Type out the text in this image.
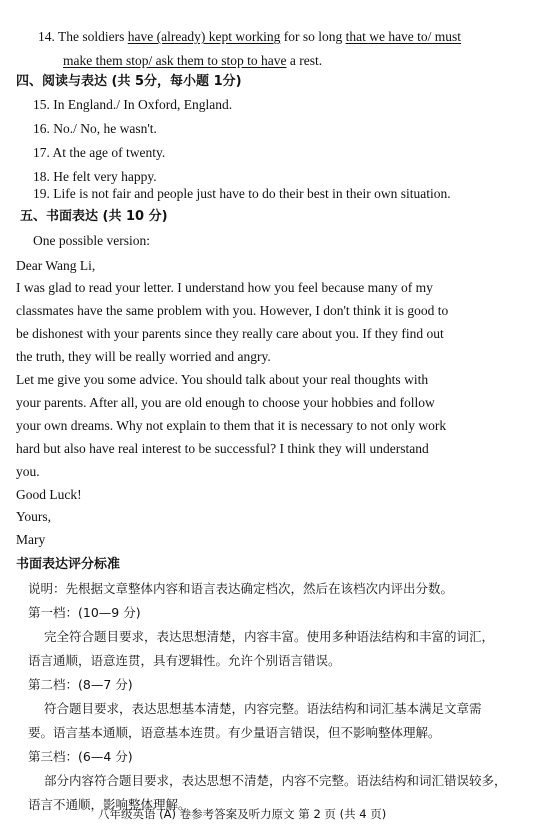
14. The soldiers have (already) kept working for so long that we have to/ must
make them stop/ ask them to stop to have a rest.
四、阅读与表达 (共 5分，每小题 1分)
15. In England./ In Oxford, England.
16. No./ No, he wasn't.
17. At the age of twenty.
18. He felt very happy.
19. Life is not fair and people just have to do their best in their own situation.
五、书面表达 (共 10 分)
One possible version:
Dear Wang Li,
I was glad to read your letter. I understand how you feel because many of my
classmates have the same problem with you. However, I don't think it is good to
be dishonest with your parents since they really care about you. If they find out
the truth, they will be really worried and angry.
Let me give you some advice. You should talk about your real thoughts with
your parents. After all, you are old enough to choose your hobbies and follow
your own dreams. Why not explain to them that it is necessary to not only work
hard but also have real interest to be successful? I think they will understand
you.
Good Luck!
Yours,
Mary
书面表达评分标准
说明：先根据文章整体内容和语言表达确定档次，然后在该档次内评出分数。
第一档：(10—9 分)
完全符合题目要求，表达思想清楚，内容丰富。使用多种语法结构和丰富的词汇，
语言通顺，语意连贯，具有逻辑性。允许个别语言错误。
第二档：(8—7 分)
符合题目要求，表达思想基本清楚，内容完整。语法结构和词汇基本满足文章需
要。语言基本通顺，语意基本连贯。有少量语言错误，但不影响整体理解。
第三档：(6—4 分)
部分内容符合题目要求，表达思想不清楚，内容不完整。语法结构和词汇错误较多，
语言不通顺，影响整体理解。
八年级英语 (A) 卷参考答案及听力原文 第 2 页 (共 4 页)
